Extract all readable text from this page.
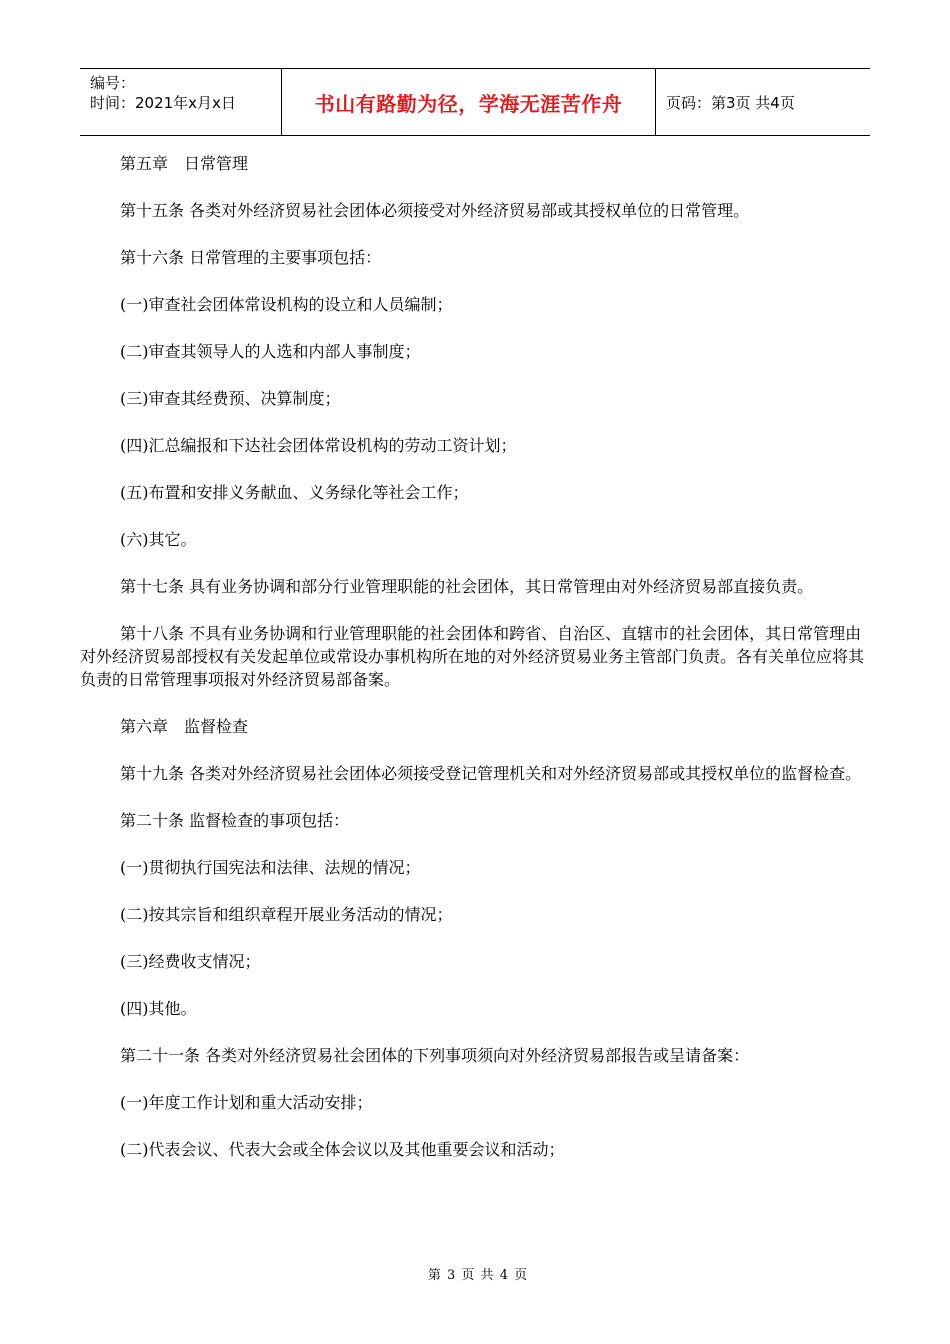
编号：
时间：2021年x月x日	书山有路勤为径，学海无涯苦作舟	页码：第3页 共4页

第五章　日常管理

第十五条 各类对外经济贸易社会团体必须接受对外经济贸易部或其授权单位的日常管理。

第十六条 日常管理的主要事项包括：

(一)审查社会团体常设机构的设立和人员编制；

(二)审查其领导人的人选和内部人事制度；

(三)审查其经费预、决算制度；

(四)汇总编报和下达社会团体常设机构的劳动工资计划；

(五)布置和安排义务献血、义务绿化等社会工作；

(六)其它。

第十七条 具有业务协调和部分行业管理职能的社会团体，其日常管理由对外经济贸易部直接负责。

第十八条 不具有业务协调和行业管理职能的社会团体和跨省、自治区、直辖市的社会团体，其日常管理由对外经济贸易部授权有关发起单位或常设办事机构所在地的对外经济贸易业务主管部门负责。各有关单位应将其负责的日常管理事项报对外经济贸易部备案。

第六章　监督检查

第十九条 各类对外经济贸易社会团体必须接受登记管理机关和对外经济贸易部或其授权单位的监督检查。

第二十条 监督检查的事项包括：

(一)贯彻执行国宪法和法律、法规的情况；

(二)按其宗旨和组织章程开展业务活动的情况；

(三)经费收支情况；

(四)其他。

第二十一条 各类对外经济贸易社会团体的下列事项须向对外经济贸易部报告或呈请备案：

(一)年度工作计划和重大活动安排；

(二)代表会议、代表大会或全体会议以及其他重要会议和活动；

第 3 页 共 4 页
